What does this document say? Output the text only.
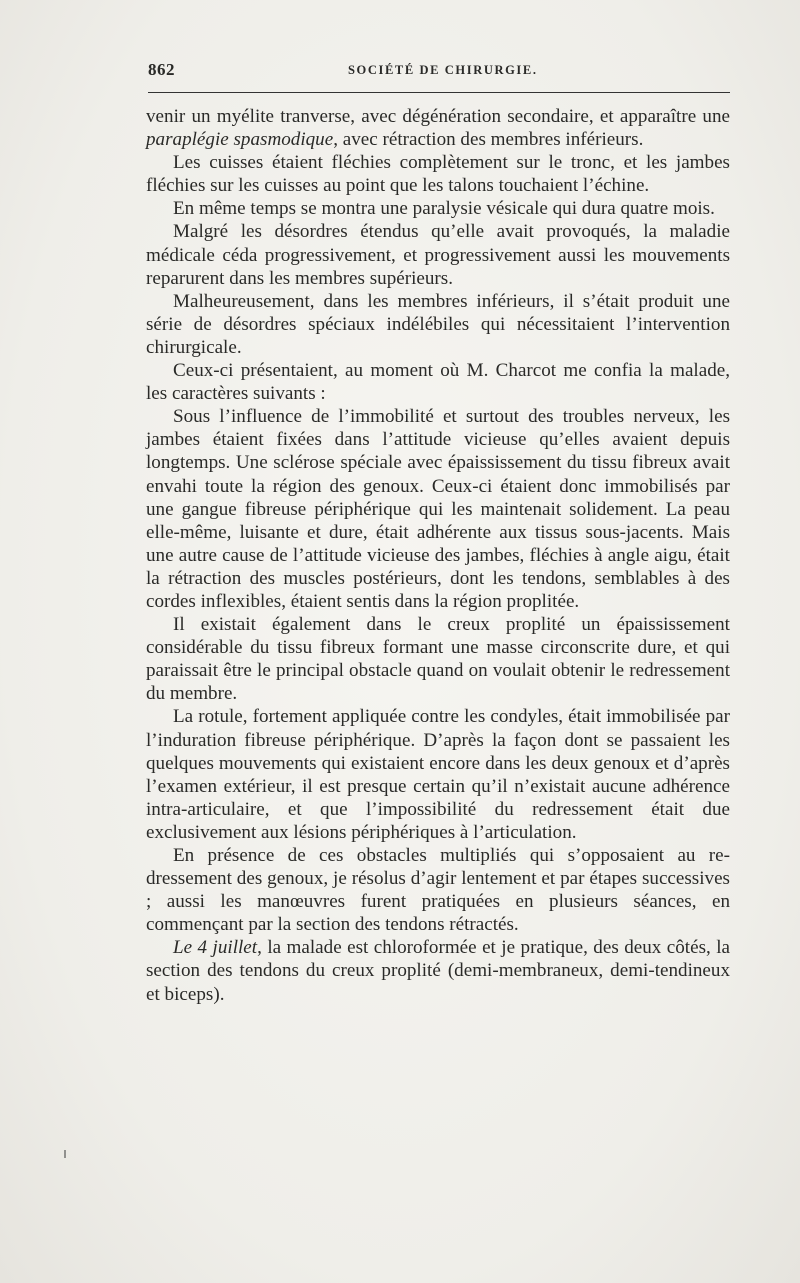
862	SOCIÉTÉ DE CHIRURGIE.

venir un myélite tranverse, avec dégénération secondaire, et apparaître une paraplégie spasmodique, avec rétraction des membres inférieurs.

Les cuisses étaient fléchies complètement sur le tronc, et les jambes fléchies sur les cuisses au point que les talons touchaient l’échine.

En même temps se montra une paralysie vésicale qui dura quatre mois.

Malgré les désordres étendus qu’elle avait provoqués, la maladie médicale céda progressivement, et progressivement aussi les mouvements reparurent dans les membres supérieurs.

Malheureusement, dans les membres inférieurs, il s’était produit une série de désordres spéciaux indélébiles qui nécessitaient l’intervention chirurgicale.

Ceux-ci présentaient, au moment où M. Charcot me confia la malade, les caractères suivants :

Sous l’influence de l’immobilité et surtout des troubles nerveux, les jambes étaient fixées dans l’attitude vicieuse qu’elles avaient depuis longtemps. Une sclérose spéciale avec épaississement du tissu fibreux avait envahi toute la région des genoux. Ceux-ci étaient donc immobilisés par une gangue fibreuse périphérique qui les maintenait solidement. La peau elle-même, luisante et dure, était adhérente aux tissus sous-jacents. Mais une autre cause de l’attitude vicieuse des jambes, fléchies à angle aigu, était la rétraction des muscles postérieurs, dont les tendons, semblables à des cordes inflexibles, étaient sentis dans la région proplitée.

Il existait également dans le creux proplité un épaississement considérable du tissu fibreux formant une masse circonscrite dure, et qui paraissait être le principal obstacle quand on voulait obtenir le redressement du membre.

La rotule, fortement appliquée contre les condyles, était immobilisée par l’induration fibreuse périphérique. D’après la façon dont se passaient les quelques mouvements qui existaient encore dans les deux genoux et d’après l’examen extérieur, il est presque certain qu’il n’existait aucune adhérence intra-articulaire, et que l’impossibilité du redressement était due exclusivement aux lésions périphériques à l’articulation.

En présence de ces obstacles multipliés qui s’opposaient au redressement des genoux, je résolus d’agir lentement et par étapes successives ; aussi les manœuvres furent pratiquées en plusieurs séances, en commençant par la section des tendons rétractés.

Le 4 juillet, la malade est chloroformée et je pratique, des deux côtés, la section des tendons du creux proplité (demi-membraneux, demi-tendineux et biceps).
